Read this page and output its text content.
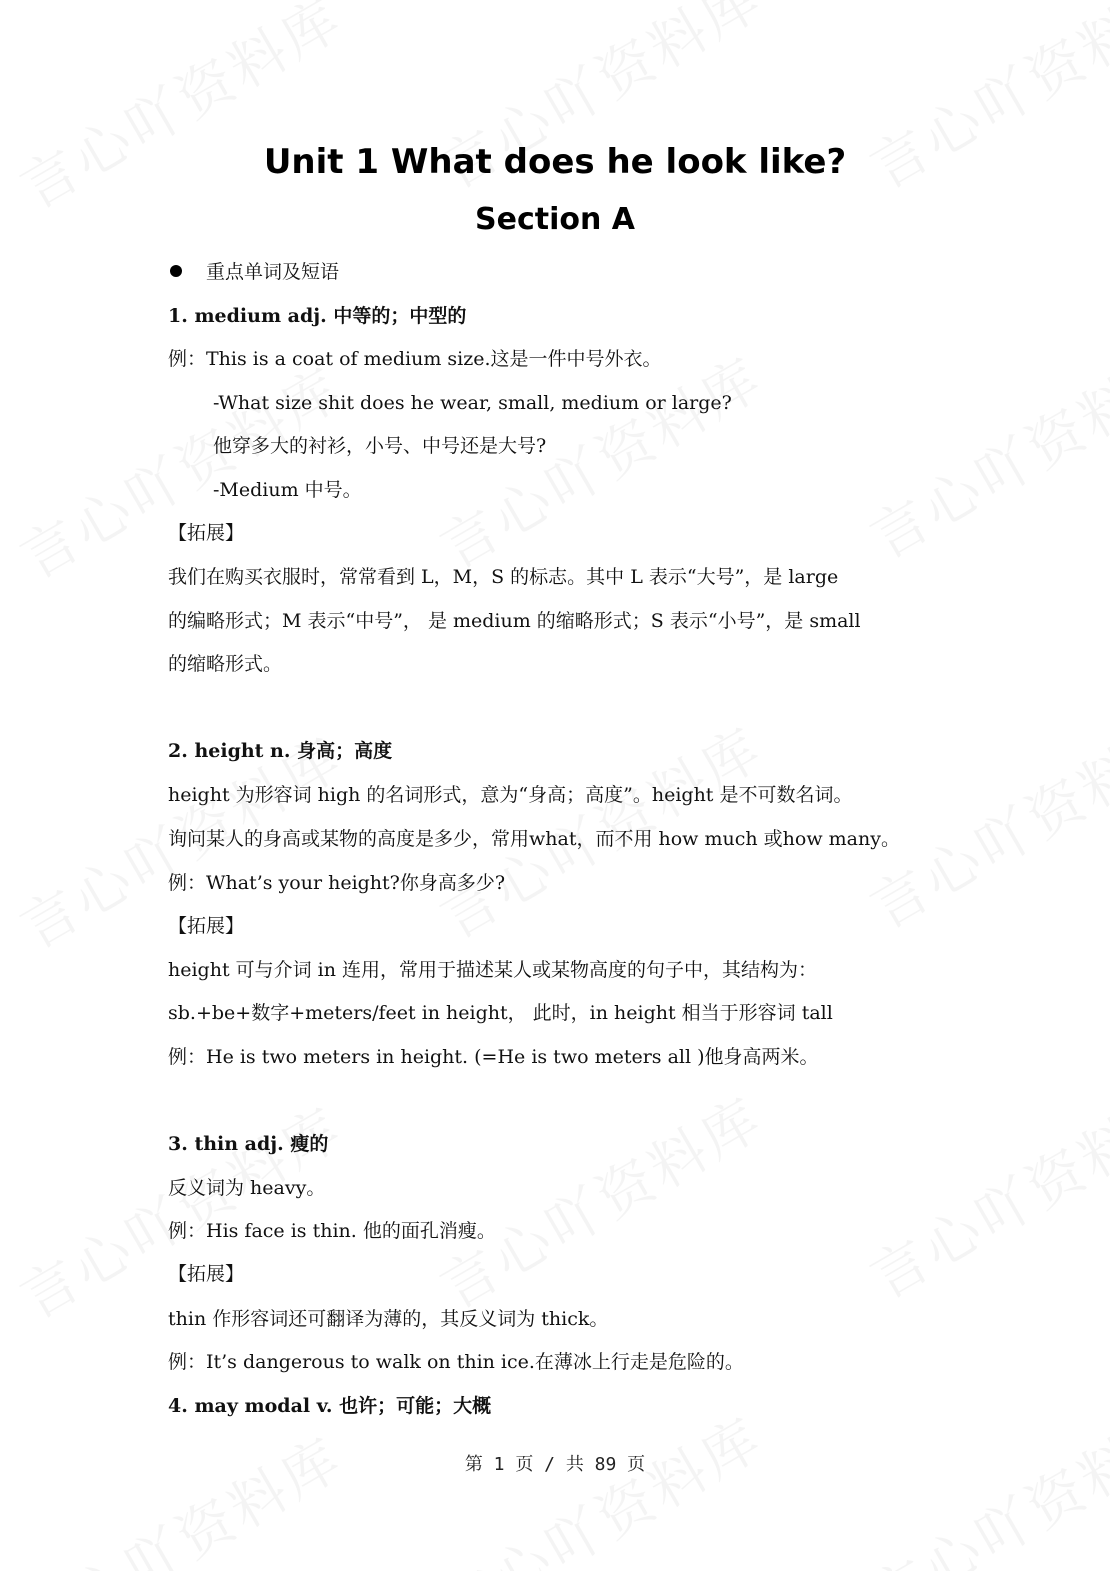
Unit 1 What does he look like?
Section A
重点单词及短语
1. medium adj. 中等的；中型的
例：This is a coat of medium size.这是一件中号外衣。
-What size shit does he wear, small, medium or large?
他穿多大的衬衫，小号、中号还是大号?
-Medium 中号。
【拓展】
我们在购买衣服时，常常看到 L，M，S 的标志。其中 L 表示“大号”，是 large
的编略形式；M 表示“中号”， 是 medium 的缩略形式；S 表示“小号”，是 small
的缩略形式。
2. height n. 身高；高度
height 为形容词 high 的名词形式，意为“身高；高度”。height 是不可数名词。
询问某人的身高或某物的高度是多少，常用what，而不用 how much 或how many。
例：What’s your height?你身高多少?
【拓展】
height 可与介词 in 连用，常用于描述某人或某物高度的句子中，其结构为：
sb.+be+数字+meters/feet in height， 此时，in height 相当于形容词 tall
例：He is two meters in height. (=He is two meters all )他身高两米。
3. thin adj. 瘦的
反义词为 heavy。
例：His face is thin. 他的面孔消瘦。
【拓展】
thin 作形容词还可翻译为薄的，其反义词为 thick。
例：It’s dangerous to walk on thin ice.在薄冰上行走是危险的。
4. may modal v. 也许；可能；大概
第 1 页 / 共 89 页
